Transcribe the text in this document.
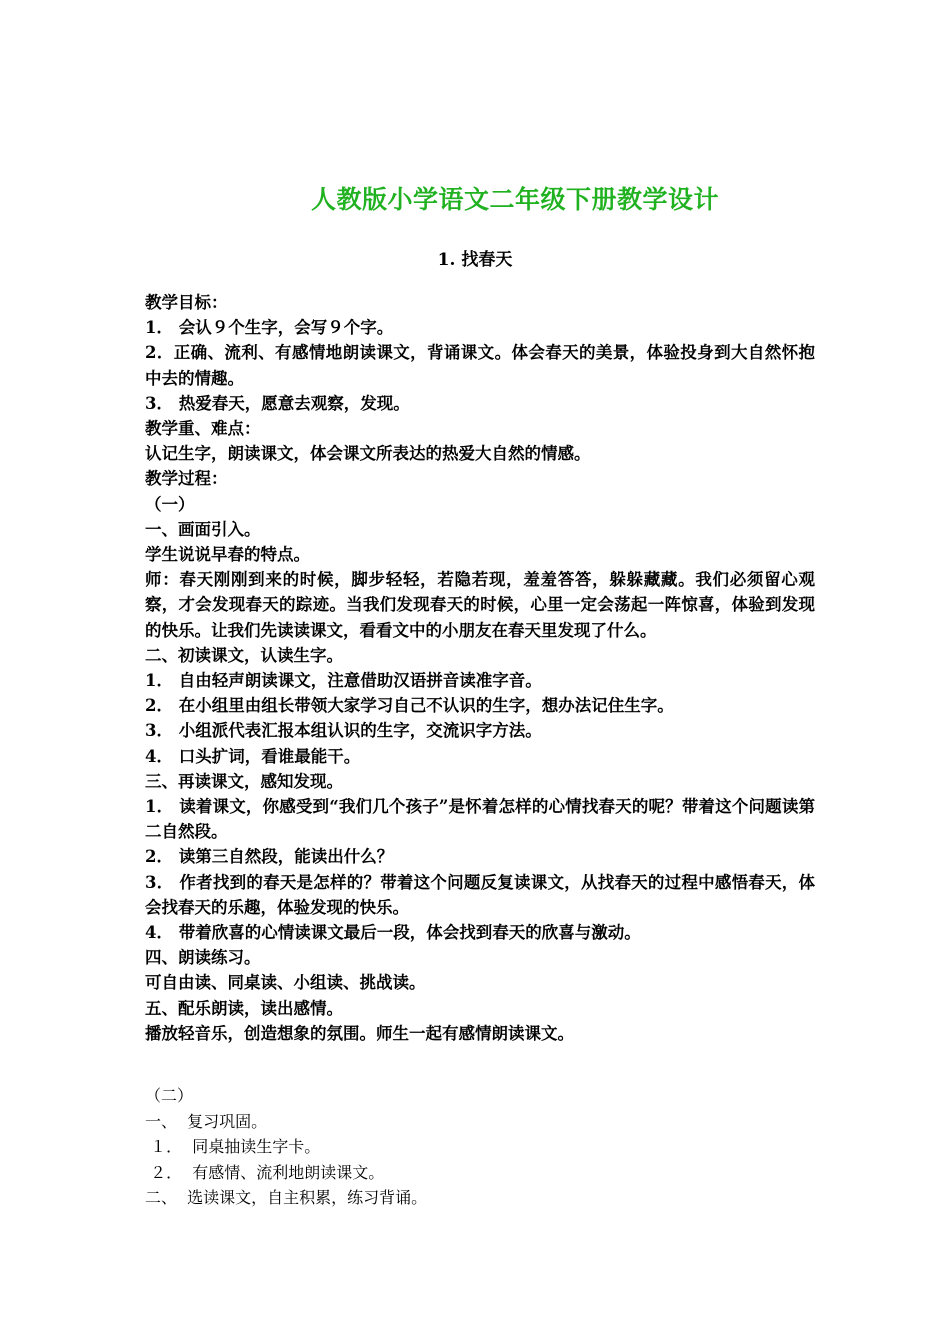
人教版小学语文二年级下册教学设计
1. 找春天
教学目标：
1． 会认９个生字，会写９个字。
2．正确、流利、有感情地朗读课文，背诵课文。体会春天的美景，体验投身到大自然怀抱中去的情趣。
3． 热爱春天，愿意去观察，发现。
教学重、难点：
认记生字，朗读课文，体会课文所表达的热爱大自然的情感。
教学过程：
（一）
一、画面引入。
学生说说早春的特点。
师：春天刚刚到来的时候，脚步轻轻，若隐若现，羞羞答答，躲躲藏藏。我们必须留心观察，才会发现春天的踪迹。当我们发现春天的时候，心里一定会荡起一阵惊喜，体验到发现的快乐。让我们先读读课文，看看文中的小朋友在春天里发现了什么。
二、初读课文，认读生字。
1． 自由轻声朗读课文，注意借助汉语拼音读准字音。
2． 在小组里由组长带领大家学习自己不认识的生字，想办法记住生字。
3． 小组派代表汇报本组认识的生字，交流识字方法。
4． 口头扩词，看谁最能干。
三、再读课文，感知发现。
1． 读着课文，你感受到“我们几个孩子”是怀着怎样的心情找春天的呢？带着这个问题读第二自然段。
2． 读第三自然段，能读出什么？
3． 作者找到的春天是怎样的？带着这个问题反复读课文，从找春天的过程中感悟春天，体会找春天的乐趣，体验发现的快乐。
4． 带着欣喜的心情读课文最后一段，体会找到春天的欣喜与激动。
四、朗读练习。
可自由读、同桌读、小组读、挑战读。
五、配乐朗读，读出感情。
播放轻音乐，创造想象的氛围。师生一起有感情朗读课文。
（二）
一、  复习巩固。
１．  同桌抽读生字卡。
２．  有感情、流利地朗读课文。
二、  选读课文，自主积累，练习背诵。
